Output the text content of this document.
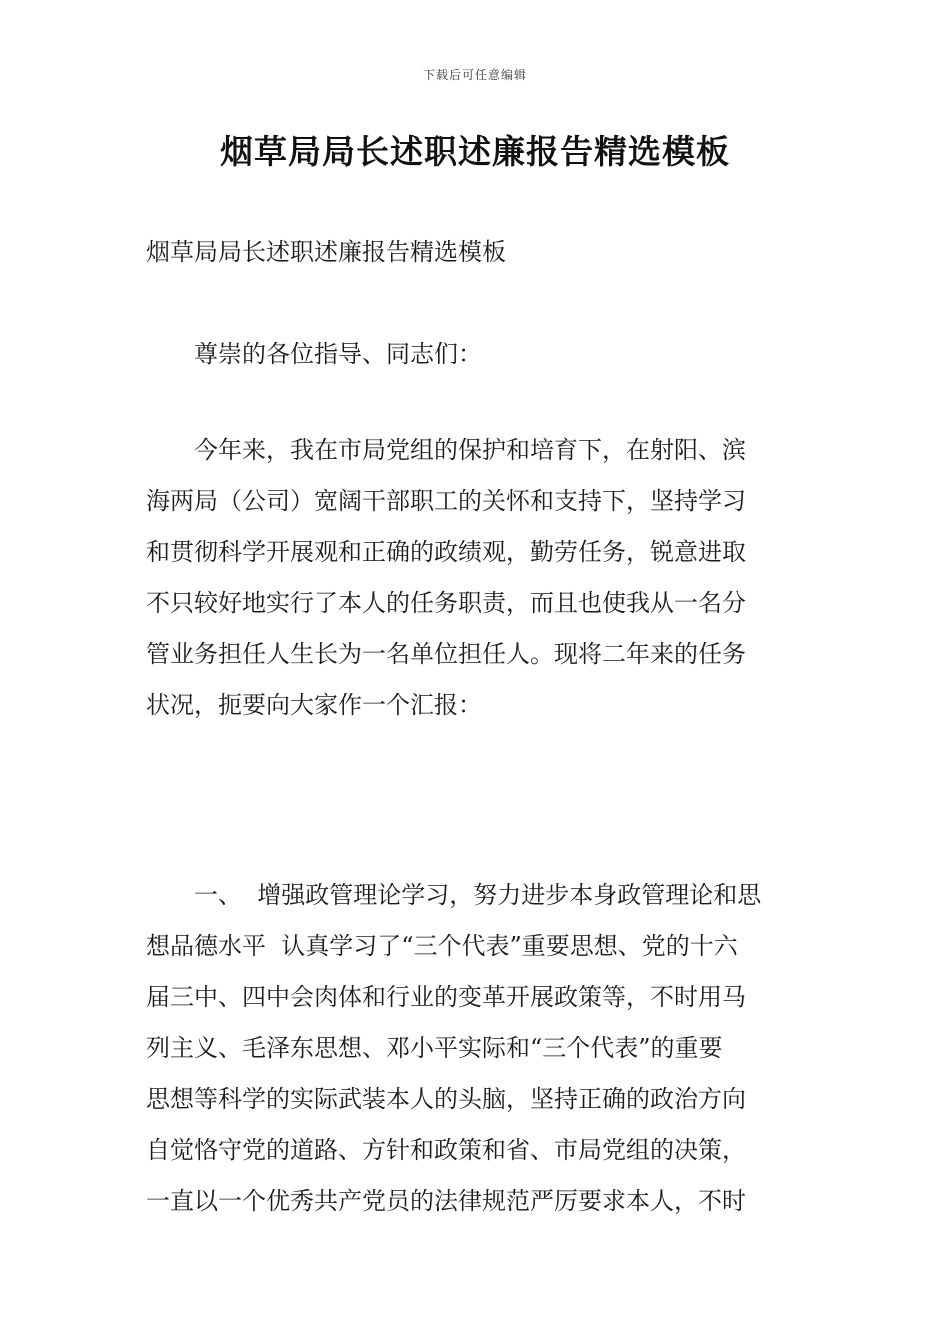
下载后可任意编辑
烟草局局长述职述廉报告精选模板
烟草局局长述职述廉报告精选模板
尊崇的各位指导、同志们：
今年来，我在市局党组的保护和培育下，在射阳、滨
海两局（公司）宽阔干部职工的关怀和支持下，坚持学习
和贯彻科学开展观和正确的政绩观，勤劳任务，锐意进取
不只较好地实行了本人的任务职责，而且也使我从一名分
管业务担任人生长为一名单位担任人。现将二年来的任务
状况，扼要向大家作一个汇报：
一、  增强政管理论学习，努力进步本身政管理论和思
想品德水平  认真学习了“三个代表”重要思想、党的十六
届三中、四中会肉体和行业的变革开展政策等，不时用马
列主义、毛泽东思想、邓小平实际和“三个代表”的重要
思想等科学的实际武装本人的头脑，坚持正确的政治方向
自觉恪守党的道路、方针和政策和省、市局党组的决策，
一直以一个优秀共产党员的法律规范严厉要求本人，不时
